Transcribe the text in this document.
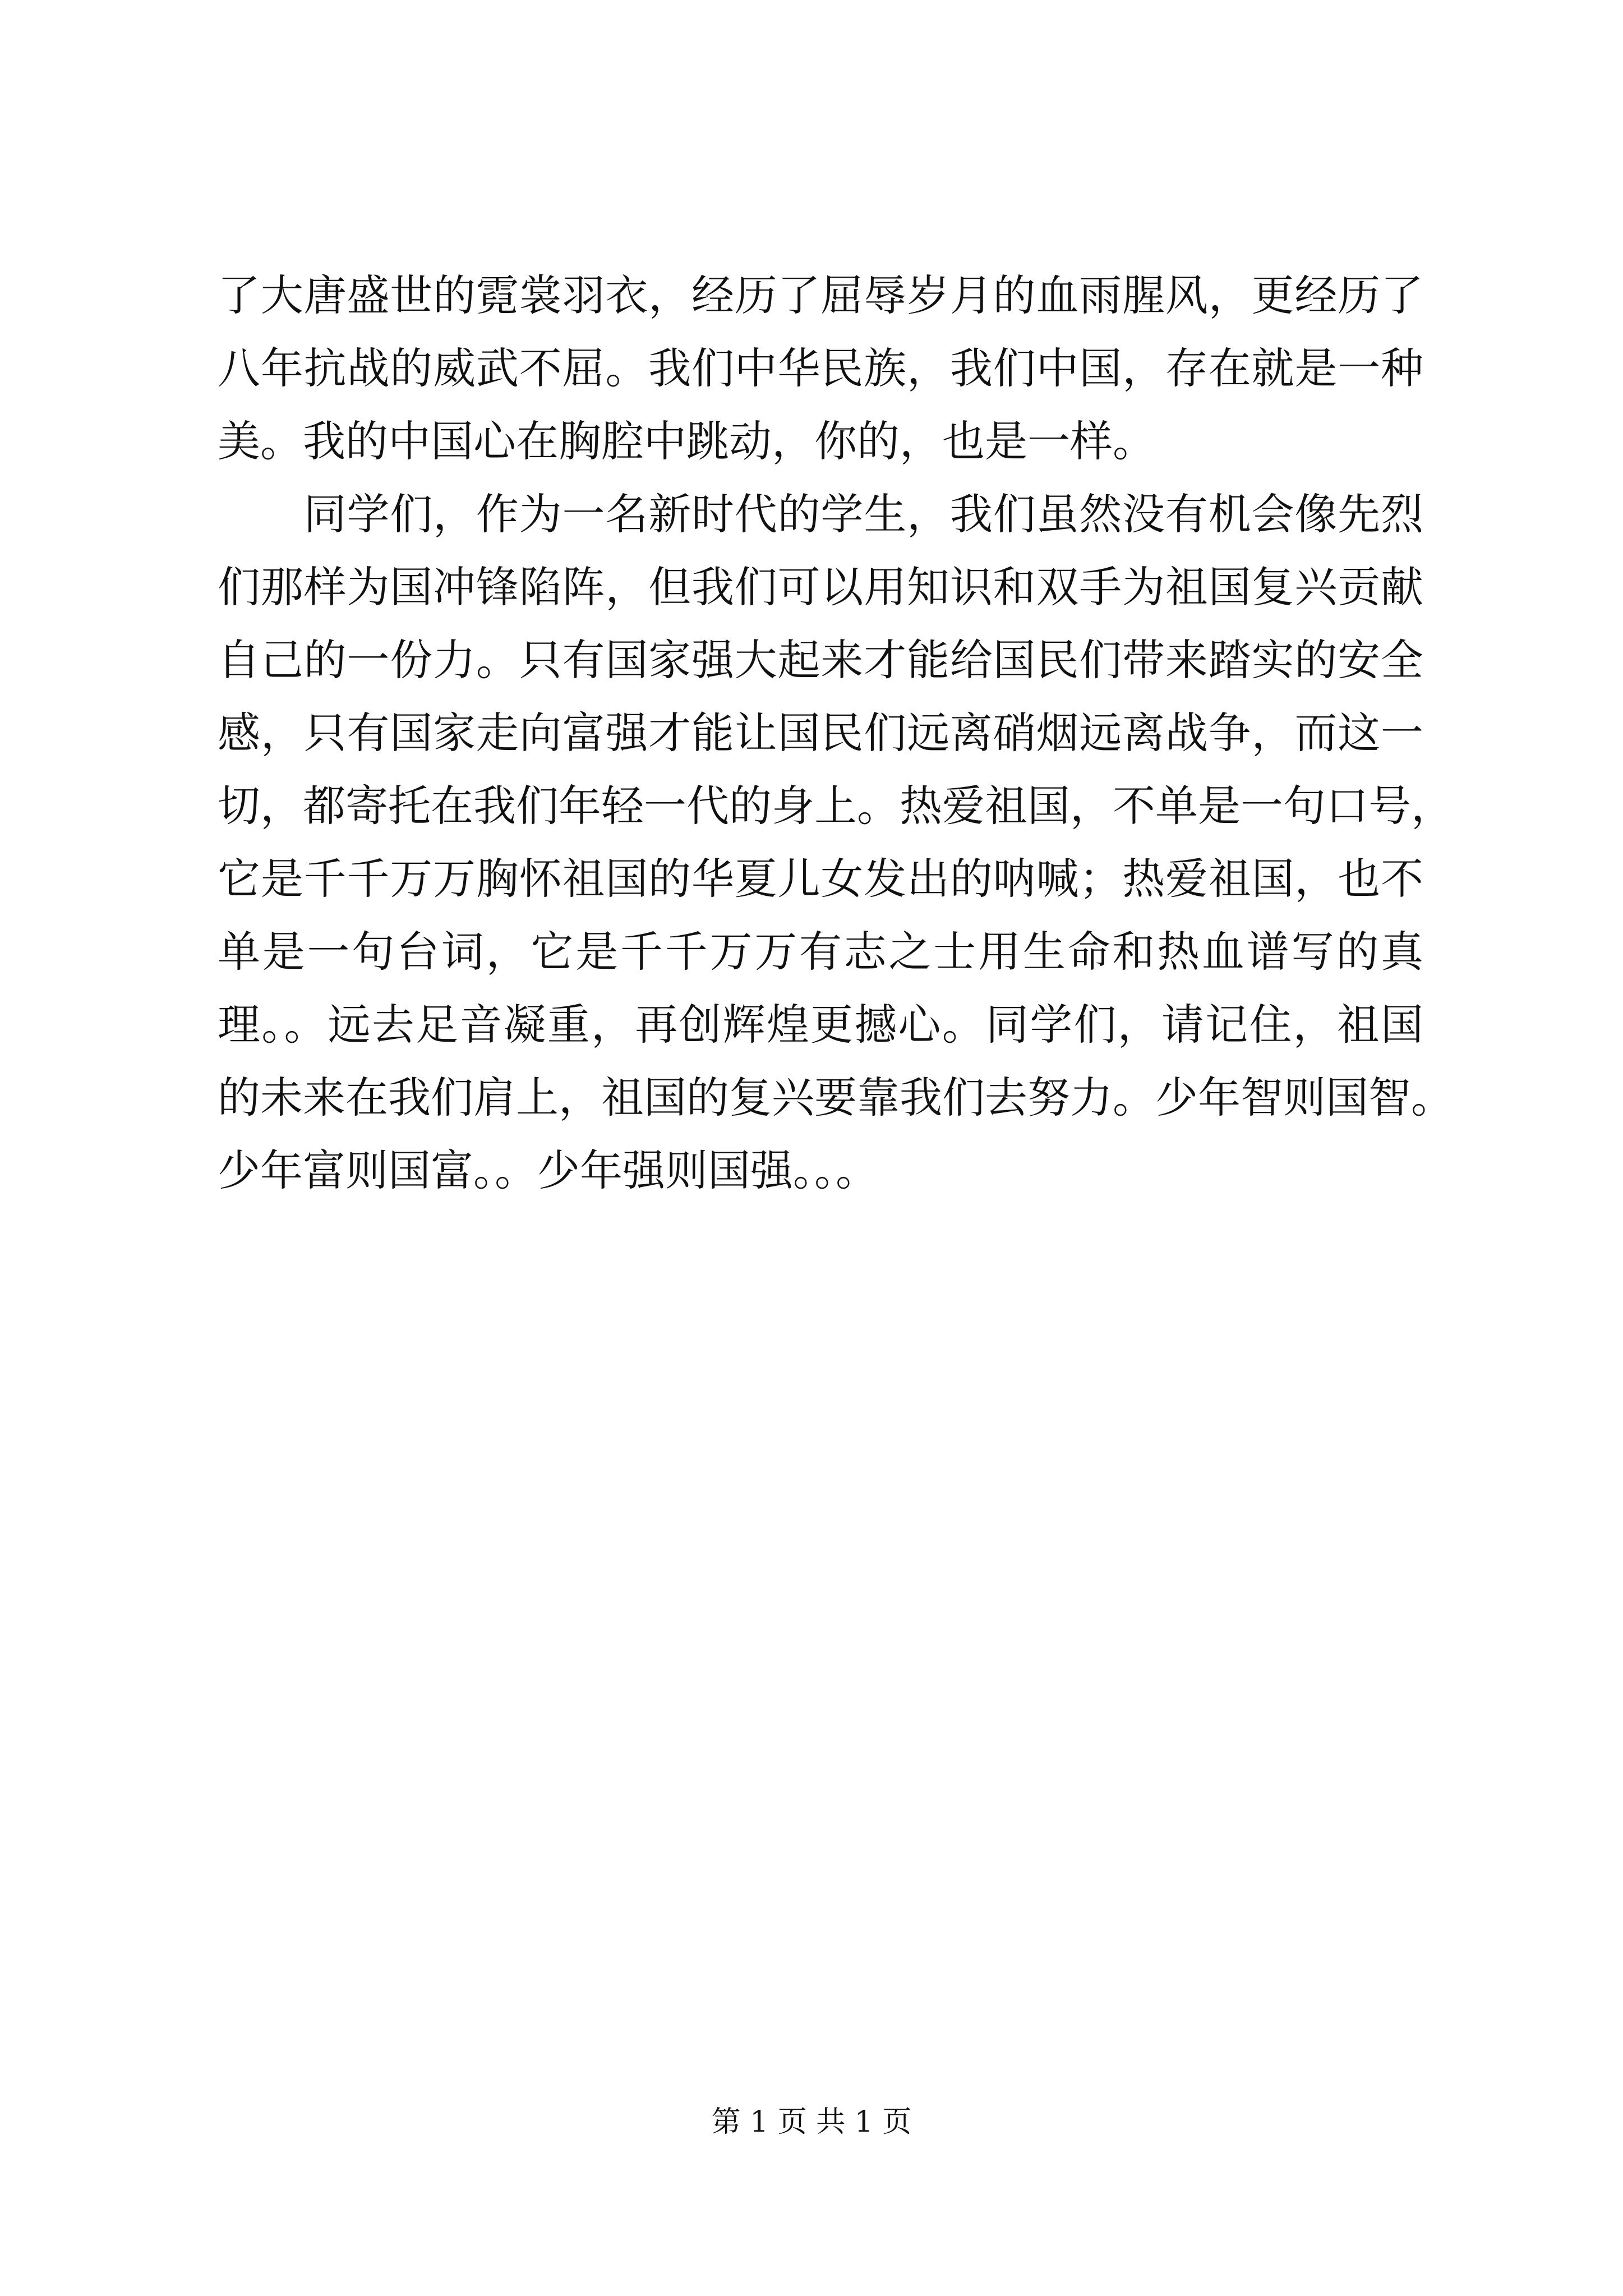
了大唐盛世的霓裳羽衣，经历了屈辱岁月的血雨腥风，更经历了
八年抗战的威武不屈。我们中华民族，我们中国，存在就是一种
美。我的中国心在胸腔中跳动，你的，也是一样。
　　同学们，作为一名新时代的学生，我们虽然没有机会像先烈
们那样为国冲锋陷阵，但我们可以用知识和双手为祖国复兴贡献
自己的一份力。只有国家强大起来才能给国民们带来踏实的安全
感，只有国家走向富强才能让国民们远离硝烟远离战争，而这一
切，都寄托在我们年轻一代的身上。热爱祖国，不单是一句口号，
它是千千万万胸怀祖国的华夏儿女发出的呐喊；热爱祖国，也不
单是一句台词，它是千千万万有志之士用生命和热血谱写的真
理。。远去足音凝重，再创辉煌更撼心。同学们，请记住，祖国
的未来在我们肩上，祖国的复兴要靠我们去努力。少年智则国智。
少年富则国富。。少年强则国强。。。
第 1 页 共 1 页
